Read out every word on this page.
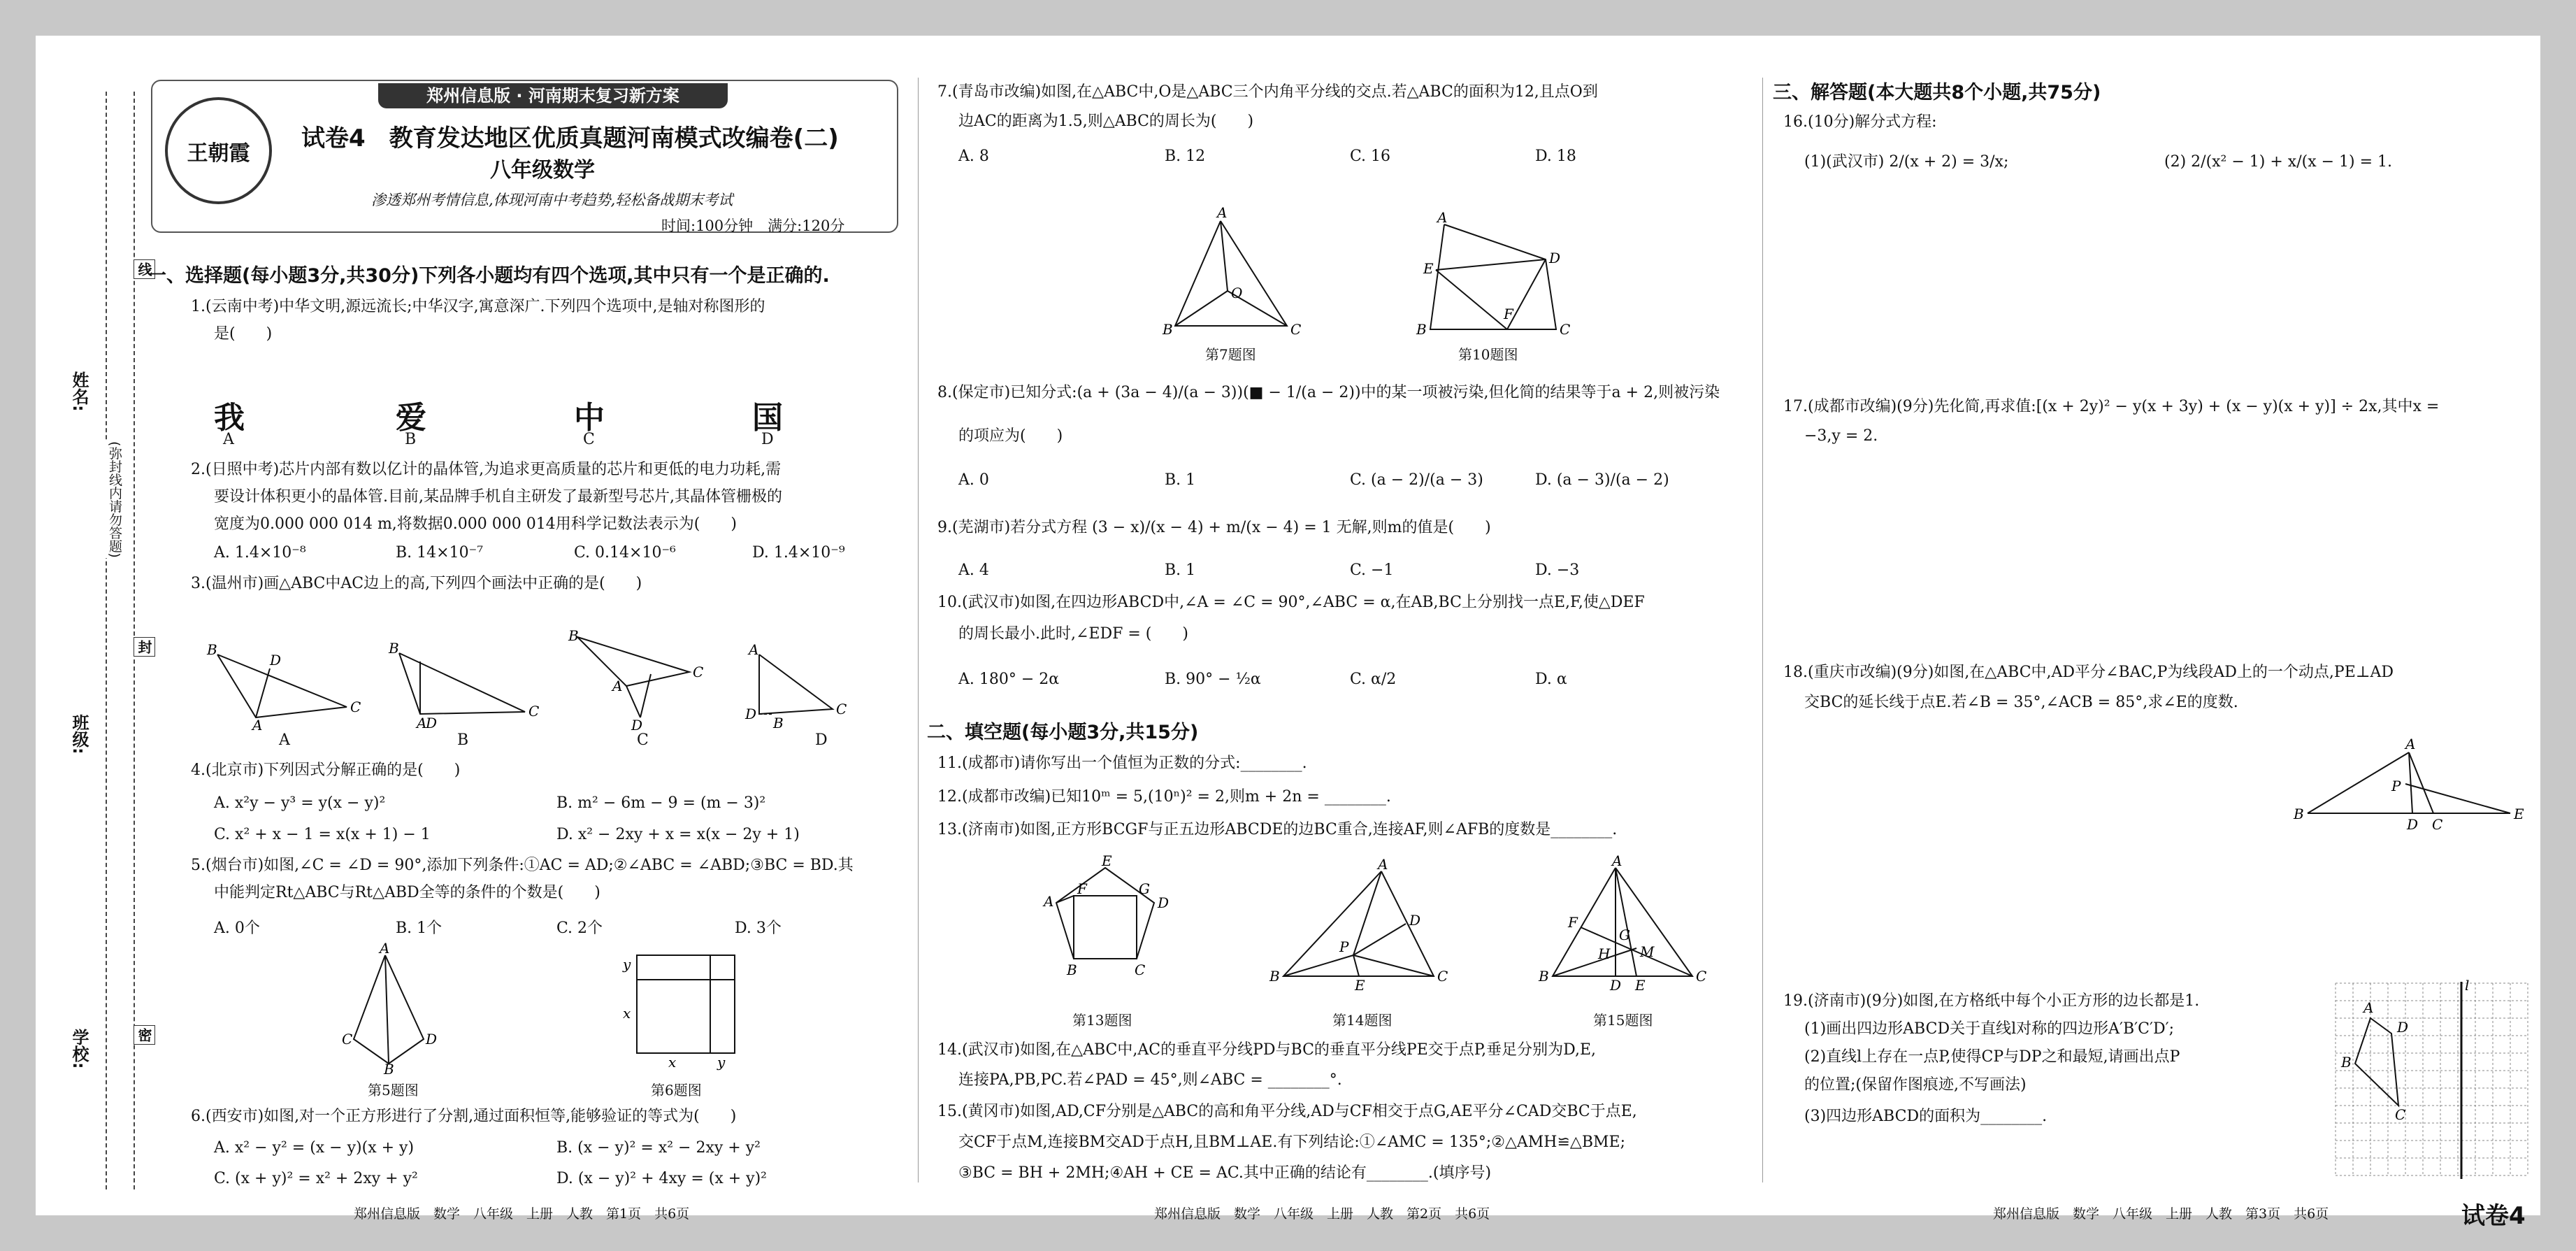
姓名:
班级:
学校:
(弥封线内请勿答题)
线
封
密
郑州信息版 · 河南期末复习新方案
王朝霞
试卷4　教育发达地区优质真题河南模式改编卷(二)
八年级数学
渗透郑州考情信息,体现河南中考趋势,轻松备战期末考试
时间:100分钟　满分:120分
一、选择题(每小题3分,共30分)下列各小题均有四个选项,其中只有一个是正确的.
1.(云南中考)中华文明,源远流长;中华汉字,寓意深广.下列四个选项中,是轴对称图形的
是(　　)
我	爱	中	国
A	B	C	D
2.(日照中考)芯片内部有数以亿计的晶体管,为追求更高质量的芯片和更低的电力功耗,需
要设计体积更小的晶体管.目前,某品牌手机自主研发了最新型号芯片,其晶体管栅极的
宽度为0.000 000 014 m,将数据0.000 000 014用科学记数法表示为(　　)
A. 1.4×10⁻⁸	B. 14×10⁻⁷	C. 0.14×10⁻⁶	D. 1.4×10⁻⁹
3.(温州市)画△ABC中AC边上的高,下列四个画法中正确的是(　　)
B
D
A
C
B
A
D
C
B
A
C
D
A
D
B
C
A	B	C	D
4.(北京市)下列因式分解正确的是(　　)
A. x²y − y³ = y(x − y)²	B. m² − 6m − 9 = (m − 3)²
C. x² + x − 1 = x(x + 1) − 1	D. x² − 2xy + x = x(x − 2y + 1)
5.(烟台市)如图,∠C = ∠D = 90°,添加下列条件:①AC = AD;②∠ABC = ∠ABD;③BC = BD.其
中能判定Rt△ABC与Rt△ABD全等的条件的个数是(　　)
A. 0个	B. 1个	C. 2个	D. 3个
A
C	D
B
第5题图
y
x
x	y
第6题图
6.(西安市)如图,对一个正方形进行了分割,通过面积恒等,能够验证的等式为(　　)
A. x² − y² = (x − y)(x + y)	B. (x − y)² = x² − 2xy + y²
C. (x + y)² = x² + 2xy + y²	D. (x − y)² + 4xy = (x + y)²
郑州信息版　数学　八年级　上册　人教　第1页　共6页
7.(青岛市改编)如图,在△ABC中,O是△ABC三个内角平分线的交点.若△ABC的面积为12,且点O到
边AC的距离为1.5,则△ABC的周长为(　　)
A. 8	B. 12	C. 16	D. 18
A
O
B	C
第7题图
A
E
D
B
F
C
第10题图
8.(保定市)已知分式:(a + (3a − 4)/(a − 3))(■ − 1/(a − 2))中的某一项被污染,但化简的结果等于a + 2,则被污染
的项应为(　　)
A. 0	B. 1	C. (a − 2)/(a − 3)	D. (a − 3)/(a − 2)
9.(芜湖市)若分式方程 (3 − x)/(x − 4) + m/(x − 4) = 1 无解,则m的值是(　　)
A. 4	B. 1	C. −1	D. −3
10.(武汉市)如图,在四边形ABCD中,∠A = ∠C = 90°,∠ABC = α,在AB,BC上分别找一点E,F,使△DEF
的周长最小.此时,∠EDF = (　　)
A. 180° − 2α	B. 90° − ½α	C. α/2	D. α
二、填空题(每小题3分,共15分)
11.(成都市)请你写出一个值恒为正数的分式:________.
12.(成都市改编)已知10ᵐ = 5,(10ⁿ)² = 2,则m + 2n = ________.
13.(济南市)如图,正方形BCGF与正五边形ABCDE的边BC重合,连接AF,则∠AFB的度数是________.
E
A
F	G
D
B	C
第13题图
A
P
D
B
E
C
第14题图
A
F
G
H M
B
D E
C
第15题图
14.(武汉市)如图,在△ABC中,AC的垂直平分线PD与BC的垂直平分线PE交于点P,垂足分别为D,E,
连接PA,PB,PC.若∠PAD = 45°,则∠ABC = ________°.
15.(黄冈市)如图,AD,CF分别是△ABC的高和角平分线,AD与CF相交于点G,AE平分∠CAD交BC于点E,
交CF于点M,连接BM交AD于点H,且BM⊥AE.有下列结论:①∠AMC = 135°;②△AMH≌△BME;
③BC = BH + 2MH;④AH + CE = AC.其中正确的结论有________.(填序号)
郑州信息版　数学　八年级　上册　人教　第2页　共6页
三、解答题(本大题共8个小题,共75分)
16.(10分)解分式方程:
(1)(武汉市) 2/(x + 2) = 3/x;	(2) 2/(x² − 1) + x/(x − 1) = 1.
17.(成都市改编)(9分)先化简,再求值:[(x + 2y)² − y(x + 3y) + (x − y)(x + y)] ÷ 2x,其中x =
−3,y = 2.
18.(重庆市改编)(9分)如图,在△ABC中,AD平分∠BAC,P为线段AD上的一个动点,PE⊥AD
交BC的延长线于点E.若∠B = 35°,∠ACB = 85°,求∠E的度数.
A
P
B
D C
E
19.(济南市)(9分)如图,在方格纸中每个小正方形的边长都是1.
(1)画出四边形ABCD关于直线l对称的四边形A′B′C′D′;
(2)直线l上存在一点P,使得CP与DP之和最短,请画出点P
的位置;(保留作图痕迹,不写画法)
(3)四边形ABCD的面积为________.
A
D
B
C
l
郑州信息版　数学　八年级　上册　人教　第3页　共6页	试卷4
